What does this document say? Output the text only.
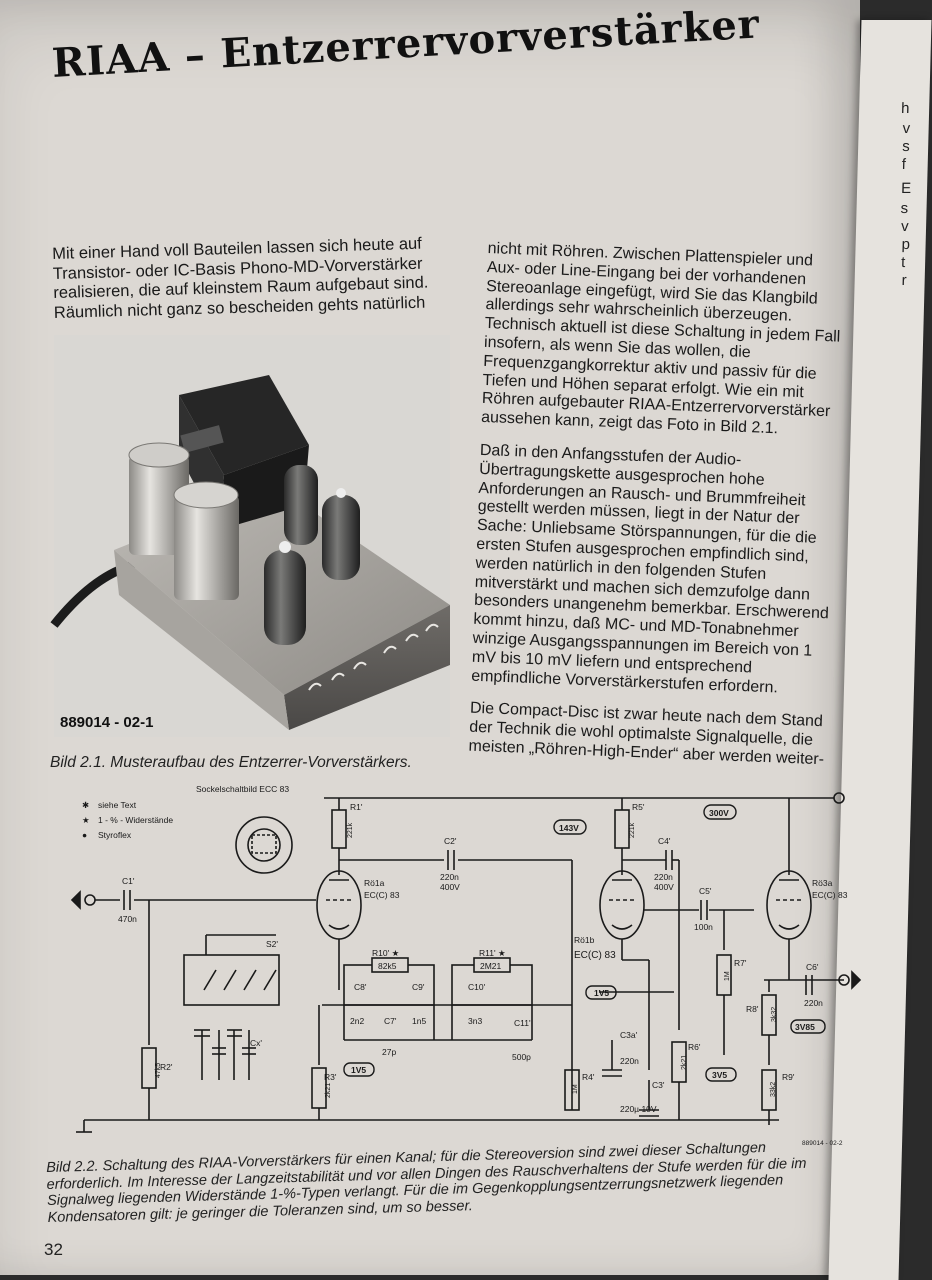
h
v
s
f
E
s
v
p
t
r
RIAA – Entzerrervorverstärker
Mit einer Hand voll Bauteilen lassen sich heute auf Transistor- oder IC-Basis Phono-MD-Vorverstärker realisieren, die auf kleinstem Raum aufgebaut sind. Räumlich nicht ganz so bescheiden gehts natürlich
889014 - 02-1
Bild 2.1. Musteraufbau des Entzerrer-Vorverstärkers.

nicht mit Röhren. Zwischen Plattenspieler und Aux- oder Line-Eingang bei der vorhandenen Stereoanlage eingefügt, wird Sie das Klangbild allerdings sehr wahrscheinlich überzeugen. Technisch aktuell ist diese Schaltung in jedem Fall insofern, als wenn Sie das wollen, die Frequenzgangkorrektur aktiv und passiv für die Tiefen und Höhen separat erfolgt. Wie ein mit Röhren aufgebauter RIAA-Entzerrervorverstärker aussehen kann, zeigt das Foto in Bild 2.1.

Daß in den Anfangsstufen der Audio-Übertragungskette ausgesprochen hohe Anforderungen an Rausch- und Brummfreiheit gestellt werden müssen, liegt in der Natur der Sache: Unliebsame Störspannungen, für die die ersten Stufen ausgesprochen empfindlich sind, werden natürlich in den folgenden Stufen mitverstärkt und machen sich demzufolge dann besonders unangenehm bemerkbar. Erschwerend kommt hinzu, daß MC- und MD-Tonabnehmer winzige Ausgangsspannungen im Bereich von 1 mV bis 10 mV liefern und entsprechend empfindliche Vorverstärkerstufen erfordern.

Die Compact-Disc ist zwar heute nach dem Stand der Technik die wohl optimalste Signalquelle, die meisten „Röhren-High-Ender“ aber werden weiter-

✱ siehe Text
★ 1 - % - Widerstände
● Styroflex
Sockelschaltbild ECC 83
R1'
221k
R5'
221k
C1'
470n
C2'
220n
400V
C4'
220n
400V	C5'
100n
C6'
220n
Rö1a
EC(C) 83
Rö1b
EC(C) 83
Rö3a
EC(C) 83
R10' ★
82k5
R11' ★
2M21
C8'
2n2
C9'
1n5
C7'
27p
C10'
3n3	C11'
500p
C3a'
220n
C3'
220µ 10V
S2'
Cx'
R2'
47k5	R3'
2k21
R4'
1M
R6'
2k21
R7'
1M
R8' 3k32
R9'
33k2
143V
300V
1V5
1V5	3V5
3V85
889014 - 02-2
Bild 2.2. Schaltung des RIAA-Vorverstärkers für einen Kanal; für die Stereoversion sind zwei dieser Schaltungen erforderlich. Im Interesse der Langzeitstabilität und vor allen Dingen des Rauschverhaltens der Stufe werden für die im Signalweg liegenden Widerstände 1-%-Typen verlangt. Für die im Gegenkopplungsentzerrungsnetzwerk liegenden Kondensatoren gilt: je geringer die Toleranzen sind, um so besser.
32
